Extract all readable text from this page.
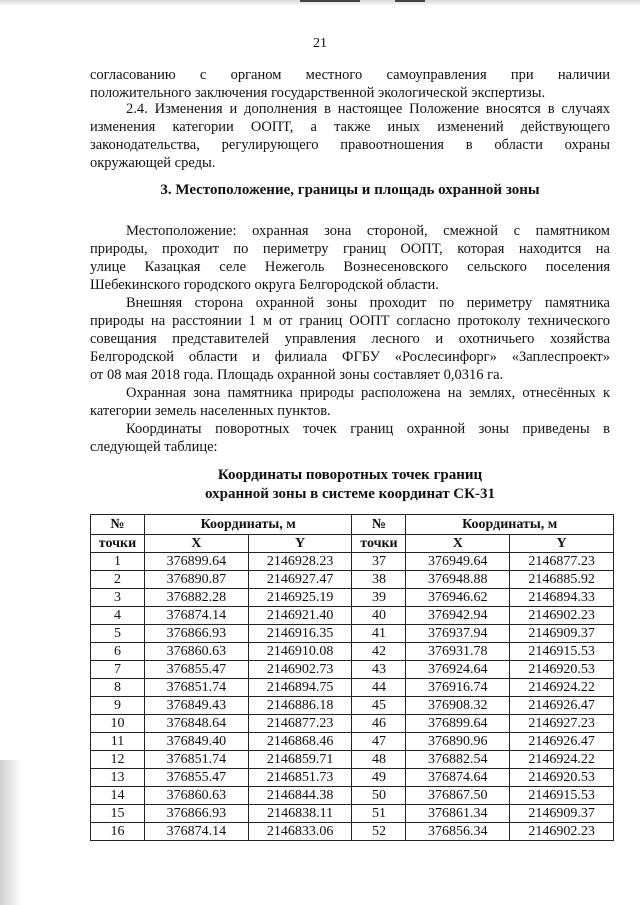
21

согласованию с органом местного самоуправления при наличии

положительного заключения государственной экологической экспертизы.

2.4. Изменения и дополнения в настоящее Положение вносятся в случаях

изменения категории ООПТ, а также иных изменений действующего

законодательства, регулирующего правоотношения в области охраны

окружающей среды.

3. Местоположение, границы и площадь охранной зоны

Местоположение: охранная зона стороной, смежной с памятником

природы, проходит по периметру границ ООПТ, которая находится на

улице Казацкая селе Нежеголь Вознесеновского сельского поселения

Шебекинского городского округа Белгородской области.

Внешняя сторона охранной зоны проходит по периметру памятника

природы на расстоянии 1 м от границ ООПТ согласно протоколу технического

совещания представителей управления лесного и охотничьего хозяйства

Белгородской области и филиала ФГБУ «Рослесинфорг» «Заплеспроект»

от 08 мая 2018 года. Площадь охранной зоны составляет 0,0316 га.

Охранная зона памятника природы расположена на землях, отнесённых к

категории земель населенных пунктов.

Координаты поворотных точек границ охранной зоны приведены в

следующей таблице:

Координаты поворотных точек границ
охранной зоны в системе координат СК-31
№	Координаты, м		№	Координаты, м	

точки	X	Y	точки	X	Y
1	376899.64	2146928.23	37	376949.64	2146877.23
2	376890.87	2146927.47	38	376948.88	2146885.92
3	376882.28	2146925.19	39	376946.62	2146894.33
4	376874.14	2146921.40	40	376942.94	2146902.23
5	376866.93	2146916.35	41	376937.94	2146909.37
6	376860.63	2146910.08	42	376931.78	2146915.53
7	376855.47	2146902.73	43	376924.64	2146920.53
8	376851.74	2146894.75	44	376916.74	2146924.22
9	376849.43	2146886.18	45	376908.32	2146926.47
10	376848.64	2146877.23	46	376899.64	2146927.23
11	376849.40	2146868.46	47	376890.96	2146926.47
12	376851.74	2146859.71	48	376882.54	2146924.22
13	376855.47	2146851.73	49	376874.64	2146920.53
14	376860.63	2146844.38	50	376867.50	2146915.53
15	376866.93	2146838.11	51	376861.34	2146909.37
16	376874.14	2146833.06	52	376856.34	2146902.23
